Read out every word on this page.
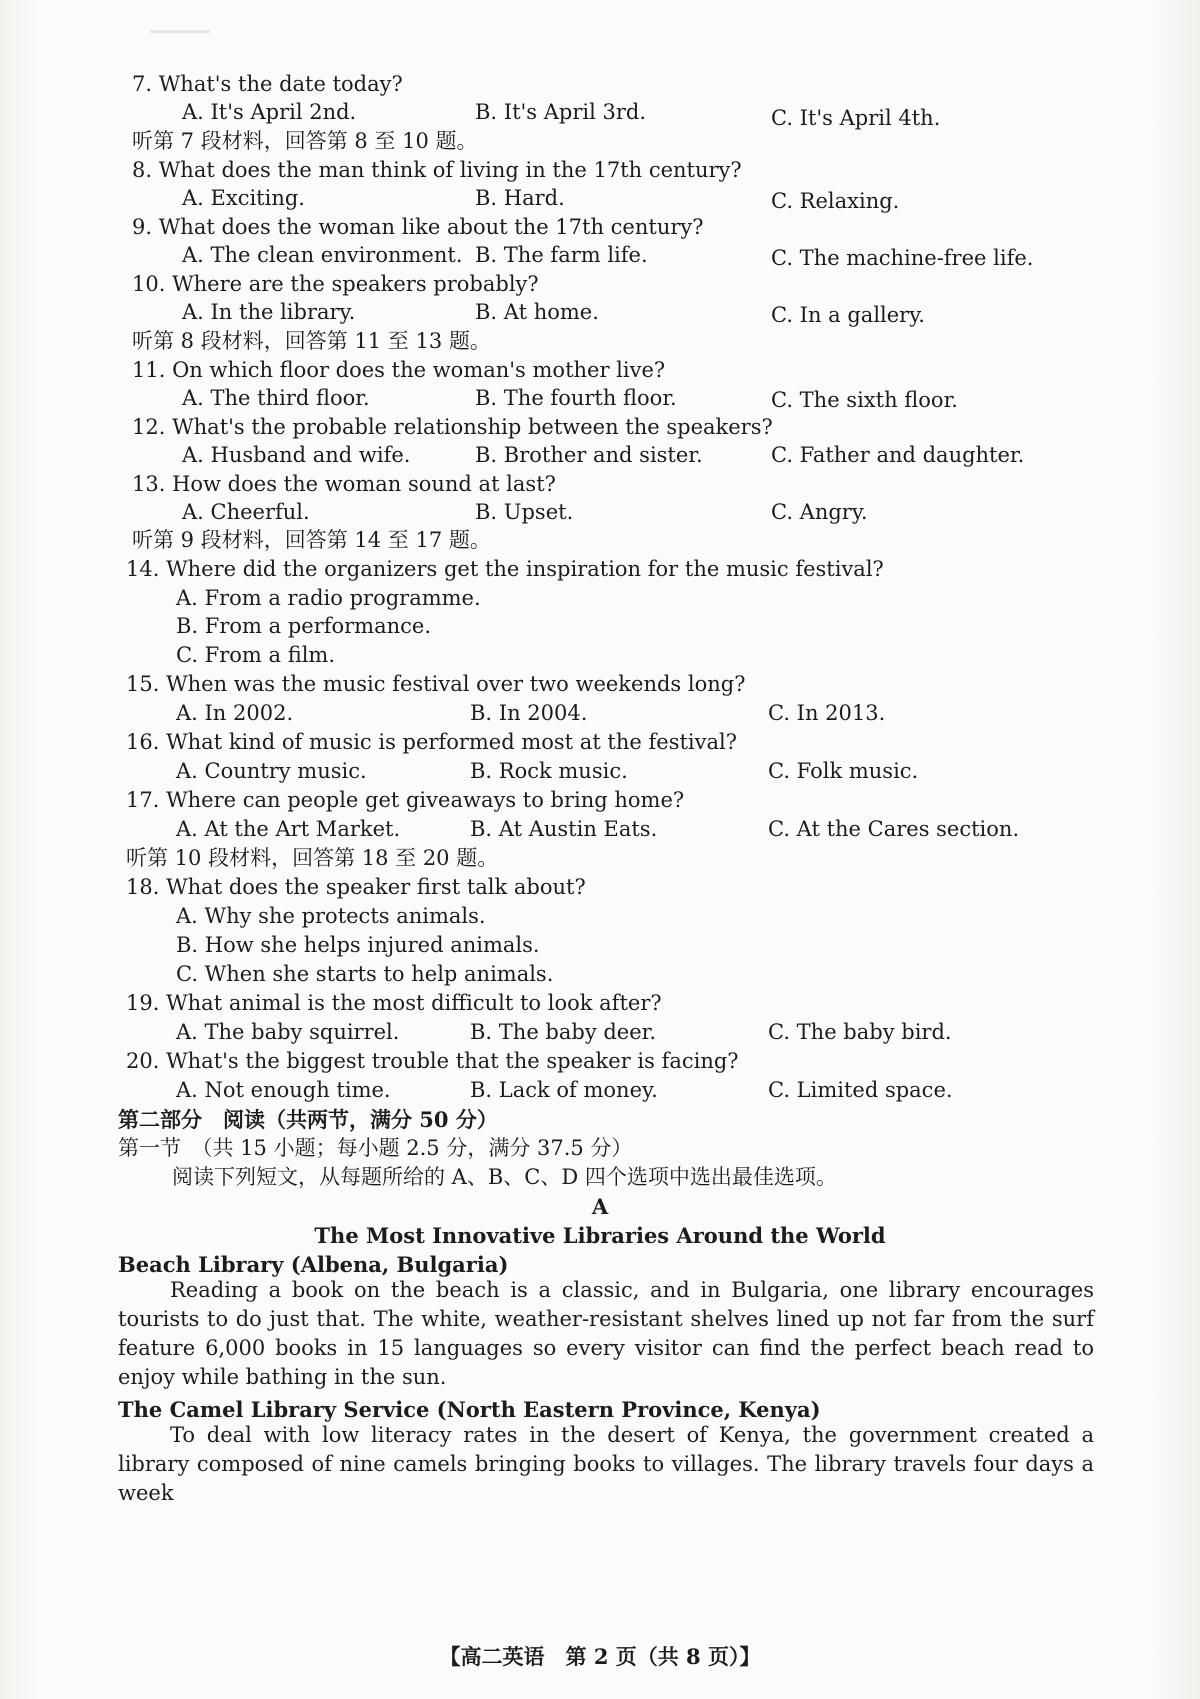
7. What's the date today?
A. It's April 2nd.	B. It's April 3rd.	C. It's April 4th.
听第 7 段材料，回答第 8 至 10 题。
8. What does the man think of living in the 17th century?
A. Exciting.	B. Hard.	C. Relaxing.
9. What does the woman like about the 17th century?
A. The clean environment. B. The farm life.	C. The machine-free life.
10. Where are the speakers probably?
A. In the library.	B. At home.	C. In a gallery.
听第 8 段材料，回答第 11 至 13 题。
11. On which floor does the woman's mother live?
A. The third floor.	B. The fourth floor.	C. The sixth floor.
12. What's the probable relationship between the speakers?
A. Husband and wife.	B. Brother and sister.	C. Father and daughter.
13. How does the woman sound at last?
A. Cheerful.	B. Upset.	C. Angry.
听第 9 段材料，回答第 14 至 17 题。
14. Where did the organizers get the inspiration for the music festival?
A. From a radio programme.
B. From a performance.
C. From a film.
15. When was the music festival over two weekends long?
A. In 2002.	B. In 2004.	C. In 2013.
16. What kind of music is performed most at the festival?
A. Country music.	B. Rock music.	C. Folk music.
17. Where can people get giveaways to bring home?
A. At the Art Market.	B. At Austin Eats.	C. At the Cares section.
听第 10 段材料，回答第 18 至 20 题。
18. What does the speaker first talk about?
A. Why she protects animals.
B. How she helps injured animals.
C. When she starts to help animals.
19. What animal is the most difficult to look after?
A. The baby squirrel.	B. The baby deer.	C. The baby bird.
20. What's the biggest trouble that the speaker is facing?
A. Not enough time.	B. Lack of money.	C. Limited space.
第二部分　阅读（共两节，满分 50 分）
第一节　（共 15 小题；每小题 2.5 分，满分 37.5 分）
阅读下列短文，从每题所给的 A、B、C、D 四个选项中选出最佳选项。
A
The Most Innovative Libraries Around the World
Beach Library (Albena, Bulgaria)
Reading a book on the beach is a classic, and in Bulgaria, one library encourages tourists to do just that. The white, weather-resistant shelves lined up not far from the surf feature 6,000 books in 15 languages so every visitor can find the perfect beach read to enjoy while bathing in the sun.
The Camel Library Service (North Eastern Province, Kenya)
To deal with low literacy rates in the desert of Kenya, the government created a library composed of nine camels bringing books to villages. The library travels four days a week
【高二英语　第 2 页（共 8 页）】
